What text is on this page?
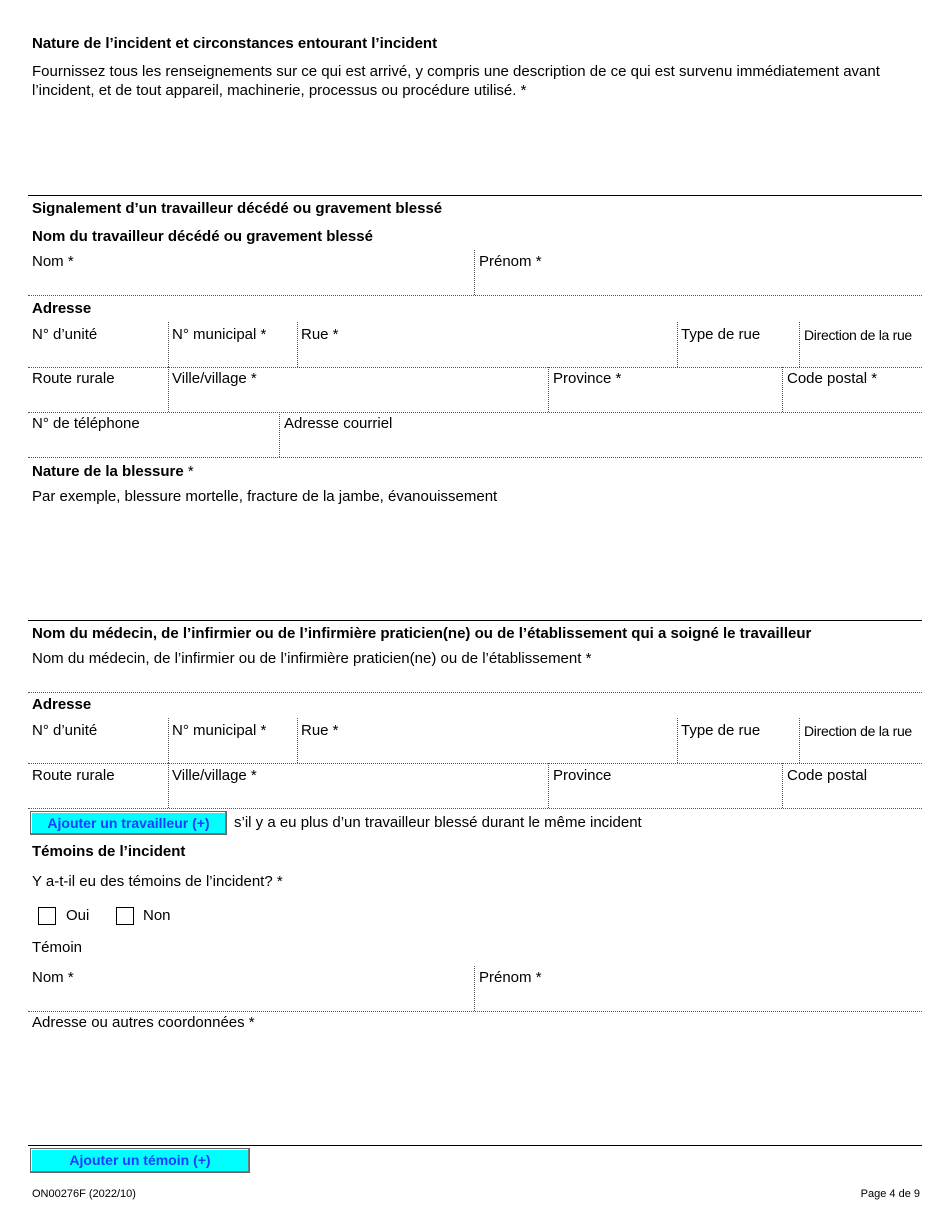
Nature de l’incident et circonstances entourant l’incident
Fournissez tous les renseignements sur ce qui est arrivé, y compris une description de ce qui est survenu immédiatement avant
l’incident, et de tout appareil, machinerie, processus ou procédure utilisé. *
Signalement d’un travailleur décédé ou gravement blessé
Nom du travailleur décédé ou gravement blessé
Nom *	Prénom *
Adresse
N° d’unité	N° municipal * Rue *	Type de rue	Direction de la rue
Route rurale	Ville/village *	Province *	Code postal *
N° de téléphone	Adresse courriel
Nature de la blessure *
Par exemple, blessure mortelle, fracture de la jambe, évanouissement
Nom du médecin, de l’infirmier ou de l’infirmière praticien(ne) ou de l’établissement qui a soigné le travailleur
Nom du médecin, de l’infirmier ou de l’infirmière praticien(ne) ou de l’établissement *
Adresse
N° d’unité	N° municipal * Rue *	Type de rue	Direction de la rue
Route rurale	Ville/village *	Province	Code postal
Ajouter un travailleur (+)	s’il y a eu plus d’un travailleur blessé durant le même incident
Témoins de l’incident
Y a-t-il eu des témoins de l’incident? *
Oui	Non
Témoin
Nom *	Prénom *
Adresse ou autres coordonnées *
Ajouter un témoin (+)
ON00276F (2022/10)	Page 4 de 9
